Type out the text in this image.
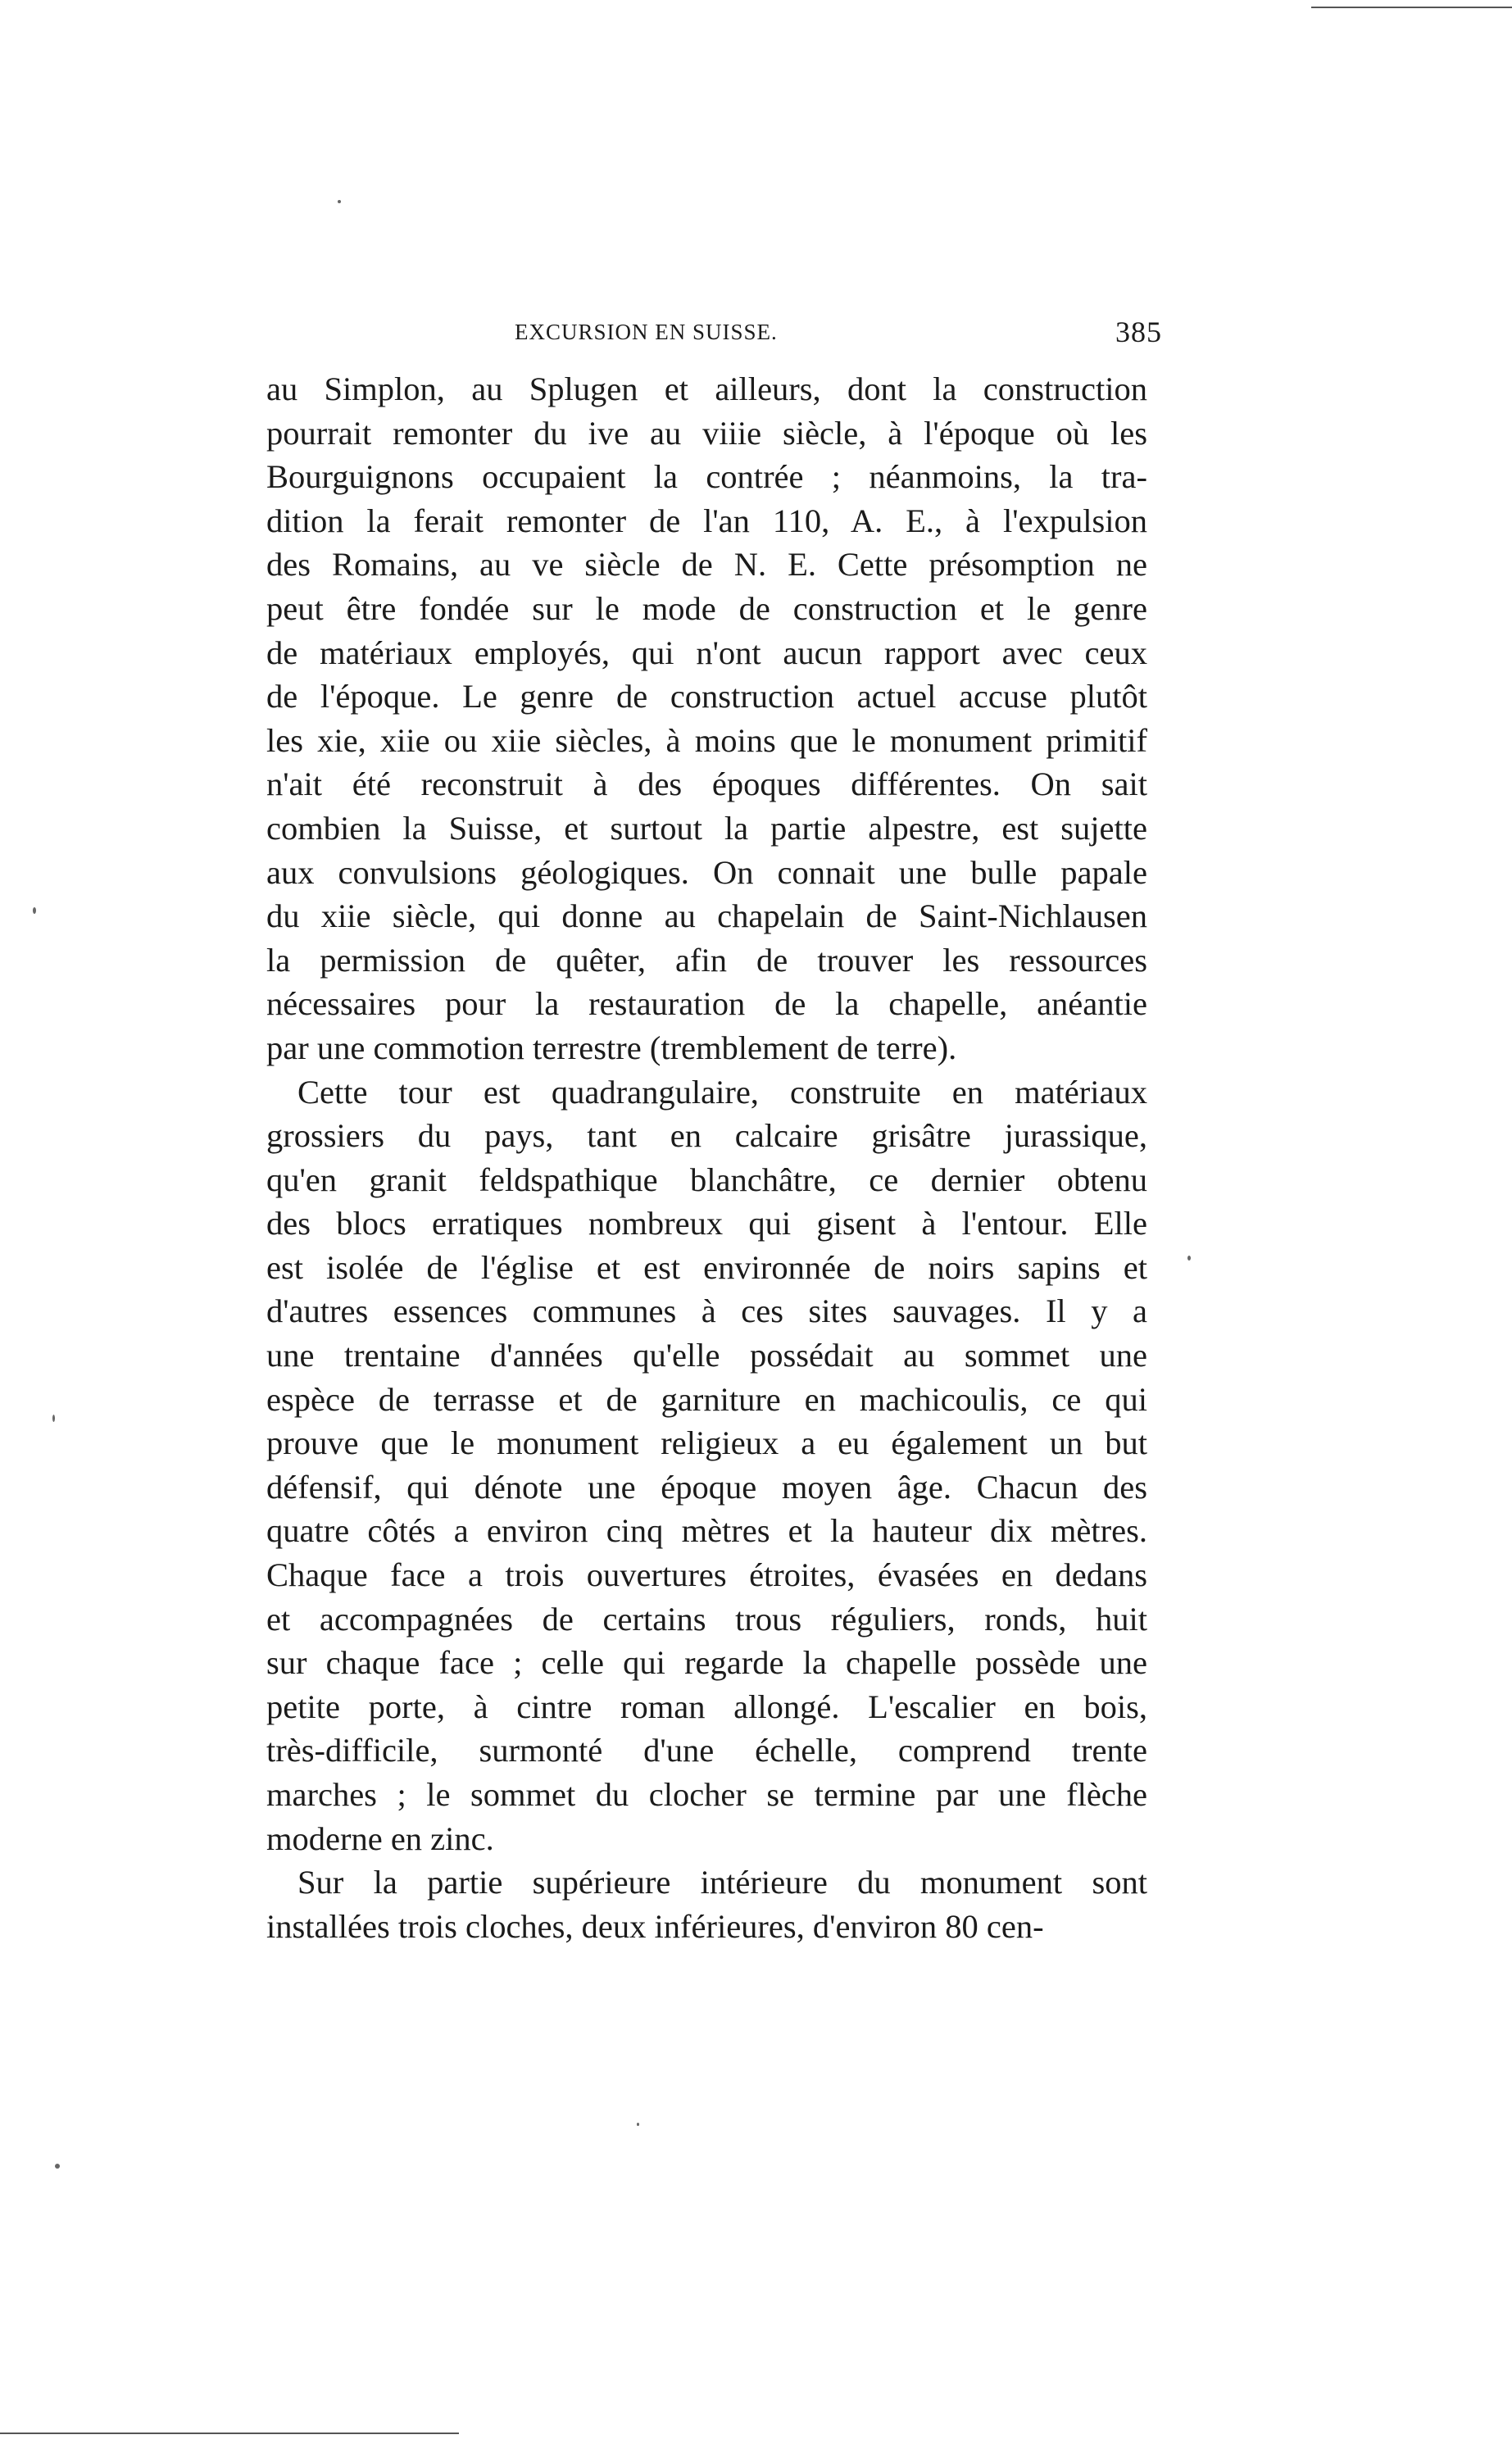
EXCURSION EN SUISSE.	385
au Simplon, au Splugen et ailleurs, dont la construction
pourrait remonter du ive au viiie siècle, à l'époque où les
Bourguignons occupaient la contrée ; néanmoins, la tra-
dition la ferait remonter de l'an 110, A. E., à l'expulsion
des Romains, au ve siècle de N. E. Cette présomption ne
peut être fondée sur le mode de construction et le genre
de matériaux employés, qui n'ont aucun rapport avec ceux
de l'époque. Le genre de construction actuel accuse plutôt
les xie, xiie ou xiie siècles, à moins que le monument primitif
n'ait été reconstruit à des époques différentes. On sait
combien la Suisse, et surtout la partie alpestre, est sujette
aux convulsions géologiques. On connait une bulle papale
du xiie siècle, qui donne au chapelain de Saint-Nichlausen
la permission de quêter, afin de trouver les ressources
nécessaires pour la restauration de la chapelle, anéantie
par une commotion terrestre (tremblement de terre).
Cette tour est quadrangulaire, construite en matériaux
grossiers du pays, tant en calcaire grisâtre jurassique,
qu'en granit feldspathique blanchâtre, ce dernier obtenu
des blocs erratiques nombreux qui gisent à l'entour. Elle
est isolée de l'église et est environnée de noirs sapins et
d'autres essences communes à ces sites sauvages. Il y a
une trentaine d'années qu'elle possédait au sommet une
espèce de terrasse et de garniture en machicoulis, ce qui
prouve que le monument religieux a eu également un but
défensif, qui dénote une époque moyen âge. Chacun des
quatre côtés a environ cinq mètres et la hauteur dix mètres.
Chaque face a trois ouvertures étroites, évasées en dedans
et accompagnées de certains trous réguliers, ronds, huit
sur chaque face ; celle qui regarde la chapelle possède une
petite porte, à cintre roman allongé. L'escalier en bois,
très-difficile, surmonté d'une échelle, comprend trente
marches ; le sommet du clocher se termine par une flèche
moderne en zinc.
Sur la partie supérieure intérieure du monument sont
installées trois cloches, deux inférieures, d'environ 80 cen-
